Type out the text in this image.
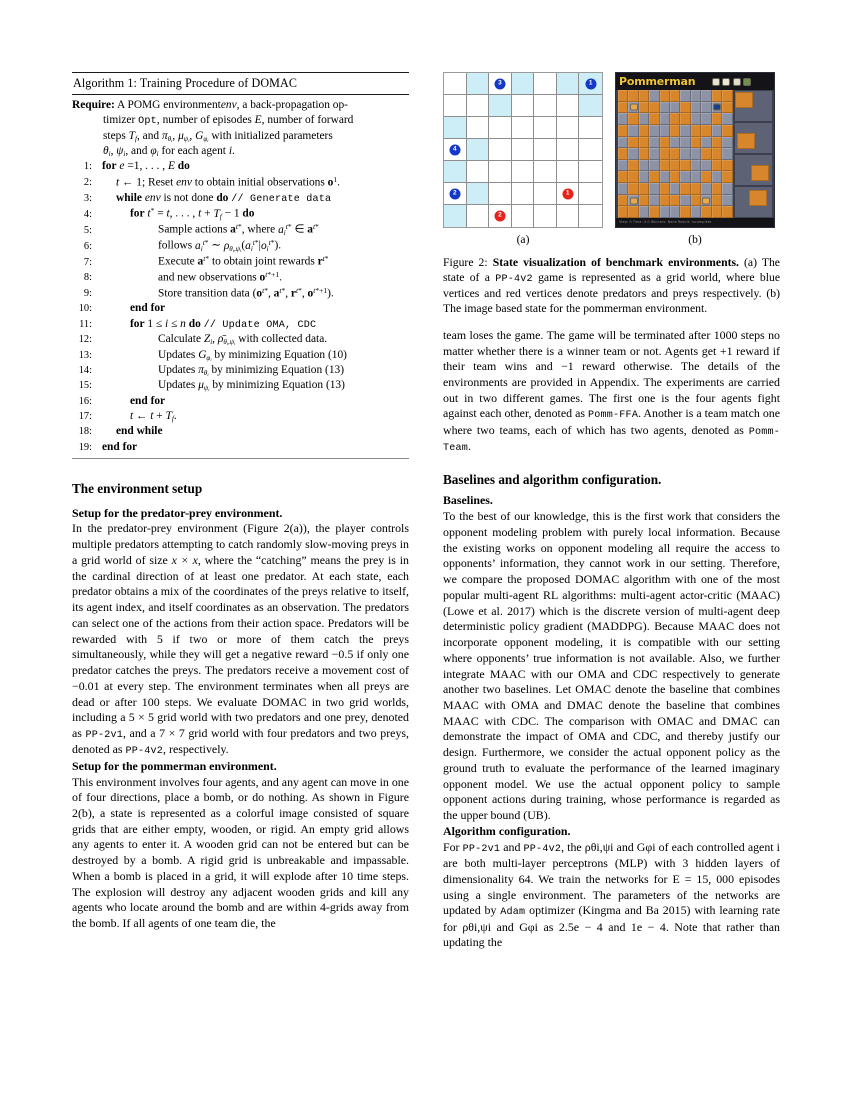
Algorithm 1: Training Procedure of DOMAC
Require: A POMG environmentenv, a back-propagation op-
timizer Opt, number of episodes E, number of forward
steps $T_f$, and $\pi_{\theta_i}$, $\mu_{\psi_i}$, $G_{\varphi_i}$ with initialized parameters
$\theta_i$, $\psi_i$, and $\varphi_i$ for each agent i.
1: for e =1, . . . , E do
2:	t ← 1; Reset env to obtain initial observations $o^1$.
3:	while env is not done do // Generate data
4:	for t* = t, . . . , $t + T_f - 1$ do
5:	Sample actions $a^{t*}$, where $a_i^{t*}$ ∈ $a^{t*}$
6:	follows $a_i^{t*}$ ∼ $\rho_{\theta_i,\psi_i}(a_i^{t*}|o_i^{t*})$.
7:	Execute $a^{t*}$ to obtain joint rewards $r^{t*}$
8:	and new observations $o^{t*+1}$.
9:	Store transition data ($o^{t*}$, $a^{t*}$, $r^{t*}$, $o^{t*+1}$).
10:	end for
11:	for 1 ≤ i ≤ n do // Update OMA, CDC
12:	Calculate $Z_i$, $\rhō_{\theta_i,\psi_i}$ with collected data.
13:	Updates $G_{\varphi_i}$ by minimizing Equation (10)
14:	Updates $\pi_{\theta_i}$ by minimizing Equation (13)
15:	Updates $\mu_{\psi_i}$ by minimizing Equation (13)
16:	end for
17:	t ← $t + T_f$.
18:	end while
19: end for
The environment setup
Setup for the predator-prey environment.

In the predator-prey environment (Figure 2(a)), the player controls multiple predators attempting to catch randomly slow-moving preys in a grid world of size x × x, where the “catching” means the prey is in the cardinal direction of at least one predator. At each state, each predator obtains a mix of the coordinates of the preys relative to itself, its agent index, and itself coordinates as an observation. The predators can select one of the actions from their action space. Predators will be rewarded with 5 if two or more of them catch the preys simultaneously, while they will get a negative reward −0.5 if only one predator catches the preys. The predators receive a movement cost of −0.01 at every step. The environment terminates when all preys are dead or after 100 steps. We evaluate DOMAC in two grid worlds, including a 5 × 5 grid world with two predators and one prey, denoted as PP-2v1, and a 7 × 7 grid world with four predators and two preys, denoted as PP-4v2, respectively.

Setup for the pommerman environment.

This environment involves four agents, and any agent can move in one of four directions, place a bomb, or do nothing. As shown in Figure 2(b), a state is represented as a colorful image consisted of square grids that are either empty, wooden, or rigid. An empty grid allows any agents to enter it. A wooden grid can not be entered but can be destroyed by a bomb. A rigid grid is unbreakable and impassable. When a bomb is placed in a grid, it will explode after 10 time steps. The explosion will destroy any adjacent wooden grids and kill any agents who locate around the bomb and are within 4-grids away from the bomb. If all agents of one team die, the

3	1
4
2	1
2
(a)
Pommerman
Step: 0 Time: 0.0 Winners: None Result: Incomplete
(b)
Figure 2: State visualization of benchmark environments. (a) The state of a PP-4v2 game is represented as a grid world, where blue vertices and red vertices denote predators and preys respectively. (b) The image based state for the pommerman environment.

team loses the game. The game will be terminated after 1000 steps no matter whether there is a winner team or not. Agents get +1 reward if their team wins and −1 reward otherwise. The details of the environments are provided in Appendix. The experiments are carried out in two different games. The first one is the four agents fight against each other, denoted as Pomm-FFA. Another is a team match one where two teams, each of which has two agents, denoted as Pomm-Team.

Baselines and algorithm configuration.
Baselines.

To the best of our knowledge, this is the first work that considers the opponent modeling problem with purely local information. Because the existing works on opponent modeling all require the access to opponents’ information, they cannot work in our setting. Therefore, we compare the proposed DOMAC algorithm with one of the most popular multi-agent RL algorithms: multi-agent actor-critic (MAAC) (Lowe et al. 2017) which is the discrete version of multi-agent deep deterministic policy gradient (MADDPG). Because MAAC does not incorporate opponent modeling, it is compatible with our setting where opponents’ true information is not available. Also, we further integrate MAAC with our OMA and CDC respectively to generate another two baselines. Let OMAC denote the baseline that combines MAAC with OMA and DMAC denote the baseline that combines MAAC with CDC. The comparison with OMAC and DMAC can demonstrate the impact of OMA and CDC, and thereby justify our design. Furthermore, we consider the actual opponent policy as the ground truth to evaluate the performance of the learned imaginary opponent model. We use the actual opponent policy to sample opponent actions during training, whose performance is regarded as the upper bound (UB).

Algorithm configuration.

For PP-2v1 and PP-4v2, the ρθi,ψi and Gφi of each controlled agent i are both multi-layer perceptrons (MLP) with 3 hidden layers of dimensionality 64. We train the networks for E = 15, 000 episodes using a single environment. The parameters of the networks are updated by Adam optimizer (Kingma and Ba 2015) with learning rate for ρθi,ψi and Gφi as 2.5e − 4 and 1e − 4. Note that rather than updating the
